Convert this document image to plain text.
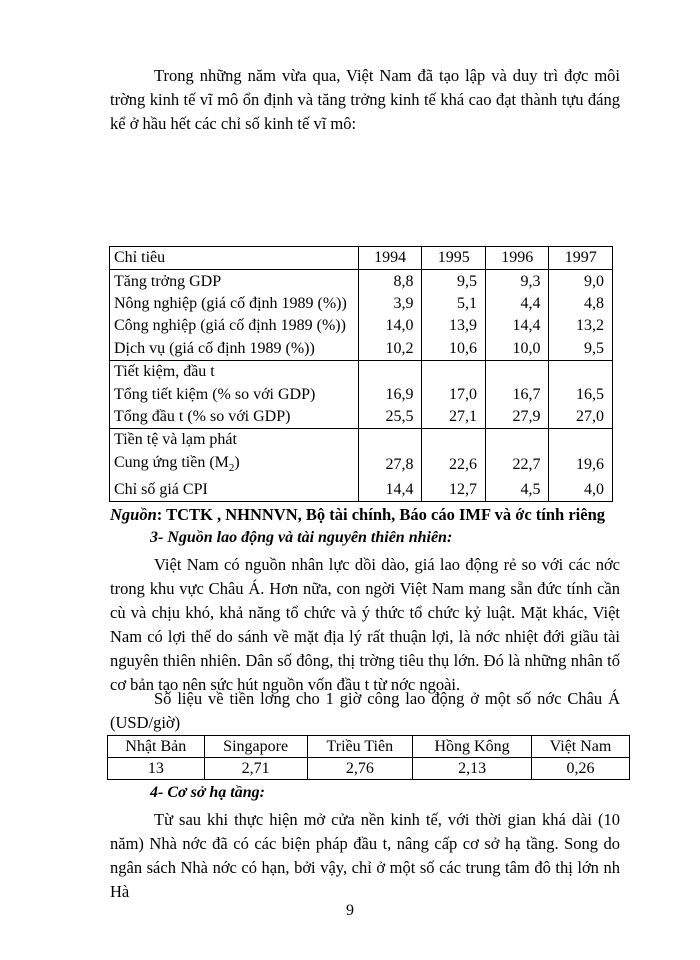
Trong những năm vừa qua, Việt Nam đã tạo lập và duy trì đợc môi trờng kinh tế vĩ mô ổn định và tăng trởng kinh tế khá cao đạt thành tựu đáng kể ở hầu hết các chỉ số kinh tế vĩ mô:

Chỉ tiêu	1994	1995	1996	1997
Tăng trởng GDP	8,8	9,5	9,3	9,0
Nông nghiệp (giá cố định 1989 (%))	3,9	5,1	4,4	4,8
Công nghiệp (giá cố định 1989 (%))	14,0	13,9	14,4	13,2
Dịch vụ (giá cố định 1989 (%))	10,2	10,6	10,0	9,5
Tiết kiệm, đầu t				
Tổng tiết kiệm (% so với GDP)	16,9	17,0	16,7	16,5
Tổng đầu t (% so với GDP)	25,5	27,1	27,9	27,0
Tiền tệ và lạm phát				
Cung ứng tiền $(M_2)$	27,8	22,6	22,7	19,6
Chỉ số giá CPI	14,4	12,7	4,5	4,0
Nguồn: TCTK , NHNNVN, Bộ tài chính, Báo cáo IMF và ớc tính riêng
3- Nguồn lao động và tài nguyên thiên nhiên:

Việt Nam có nguồn nhân lực dồi dào, giá lao động rẻ so với các nớc trong khu vực Châu Á. Hơn nữa, con ngời Việt Nam mang sẵn đức tính cần cù và chịu khó, khả năng tổ chức và ý thức tổ chức kỷ luật. Mặt khác, Việt Nam có lợi thế do sánh về mặt địa lý rất thuận lợi, là nớc nhiệt đới giầu tài nguyên thiên nhiên. Dân số đông, thị trờng tiêu thụ lớn. Đó là những nhân tố cơ bản tạo nên sức hút nguồn vốn đầu t từ nớc ngoài.

Số liệu về tiền lơng cho 1 giờ công lao động ở một số nớc Châu Á (USD/giờ)

Nhật Bản	Singapore	Triều Tiên	Hồng Kông	Việt Nam
13	2,71	2,76	2,13	0,26
4- Cơ sở hạ tầng:

Từ sau khi thực hiện mở cửa nền kinh tế, với thời gian khá dài (10 năm) Nhà nớc đã có các biện pháp đầu t, nâng cấp cơ sở hạ tầng. Song do ngân sách Nhà nớc có hạn, bởi vậy, chỉ ở một số các trung tâm đô thị lớn nh Hà

9
